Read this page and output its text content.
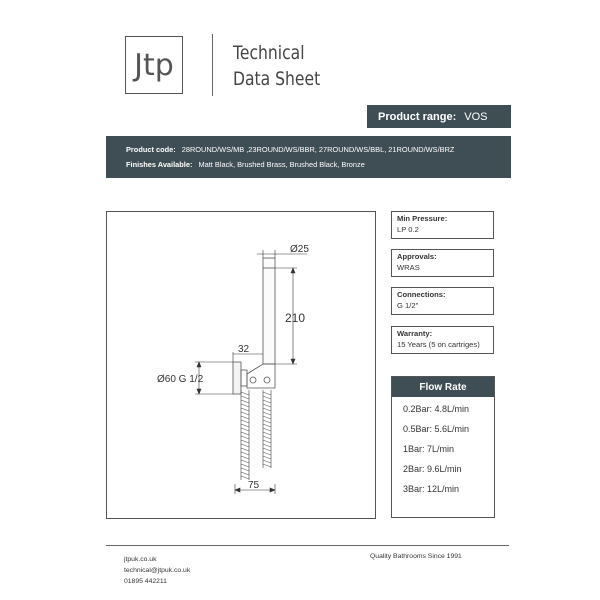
Jtp	Technical
Data Sheet
Product range: VOS
Product code: 28ROUND/WS/MB ,23ROUND/WS/BBR, 27ROUND/WS/BBL, 21ROUND/WS/BRZ
Finishes Available: Matt Black, Brushed Brass, Brushed Black, Bronze
Ø25
210
32
Ø60 G 1/2
75
Min Pressure:
LP 0.2
Approvals:
WRAS
Connections:
G 1/2"
Warranty:
15 Years (5 on cartriges)
Flow Rate
0.2Bar: 4.8L/min
0.5Bar: 5.6L/min
1Bar: 7L/min
2Bar: 9.6L/min
3Bar: 12L/min
jtpuk.co.uk
technical@jtpuk.co.uk
01895 442211
Quality Bathrooms Since 1991
